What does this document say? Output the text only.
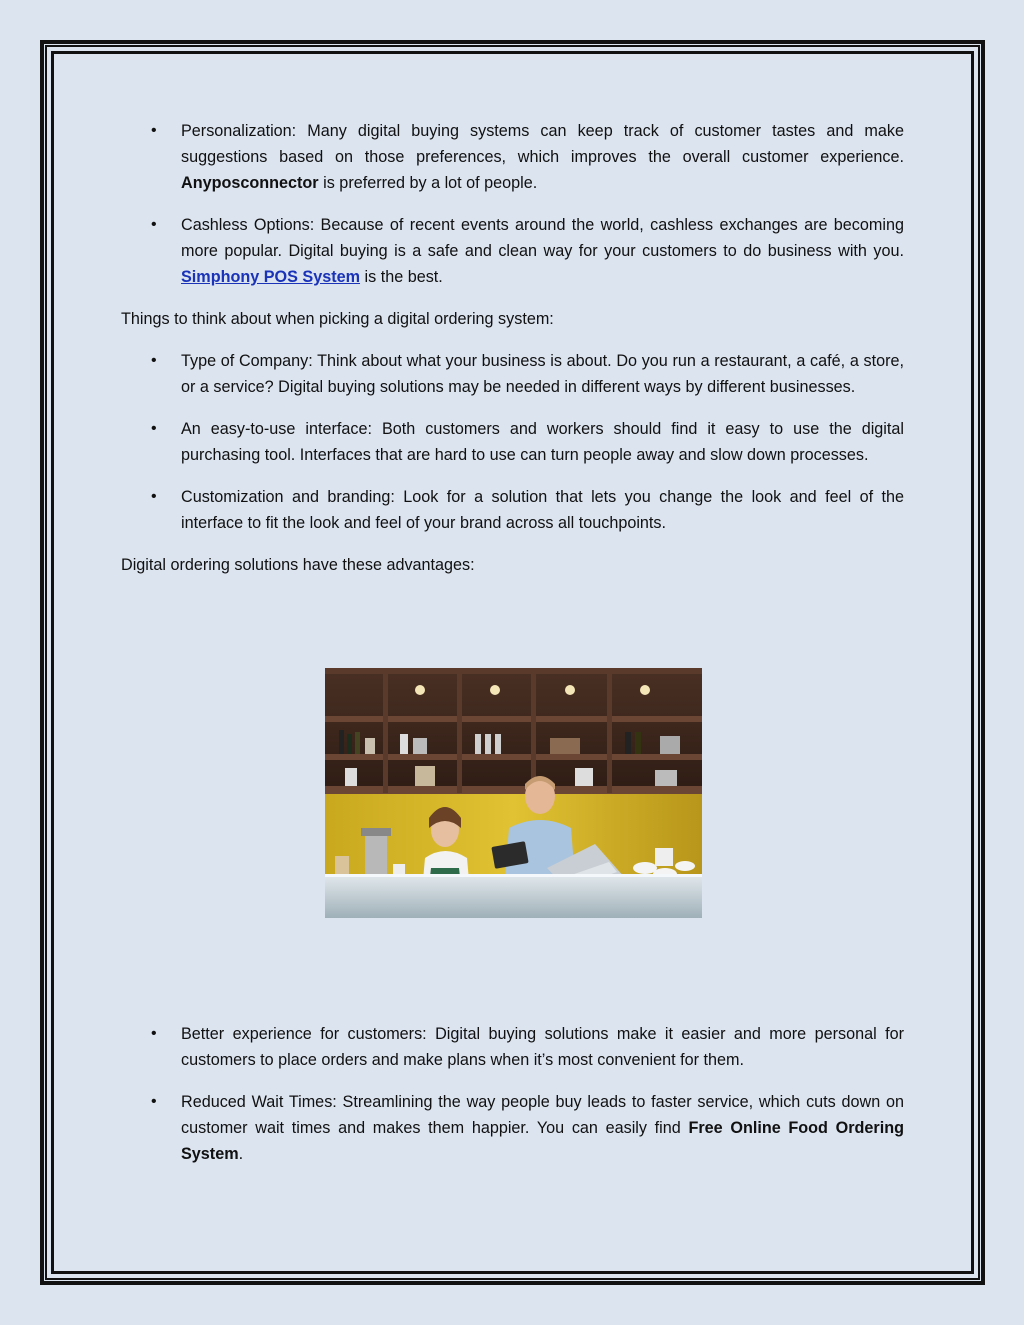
• Personalization: Many digital buying systems can keep track of customer tastes and make suggestions based on those preferences, which improves the overall customer experience. Anyposconnector is preferred by a lot of people.
• Cashless Options: Because of recent events around the world, cashless exchanges are becoming more popular. Digital buying is a safe and clean way for your customers to do business with you. Simphony POS System is the best.

Things to think about when picking a digital ordering system:

• Type of Company: Think about what your business is about. Do you run a restaurant, a café, a store, or a service? Digital buying solutions may be needed in different ways by different businesses.
• An easy-to-use interface: Both customers and workers should find it easy to use the digital purchasing tool. Interfaces that are hard to use can turn people away and slow down processes.
• Customization and branding: Look for a solution that lets you change the look and feel of the interface to fit the look and feel of your brand across all touchpoints.

Digital ordering solutions have these advantages:

• Better experience for customers: Digital buying solutions make it easier and more personal for customers to place orders and make plans when it’s most convenient for them.
• Reduced Wait Times: Streamlining the way people buy leads to faster service, which cuts down on customer wait times and makes them happier. You can easily find Free Online Food Ordering System.
